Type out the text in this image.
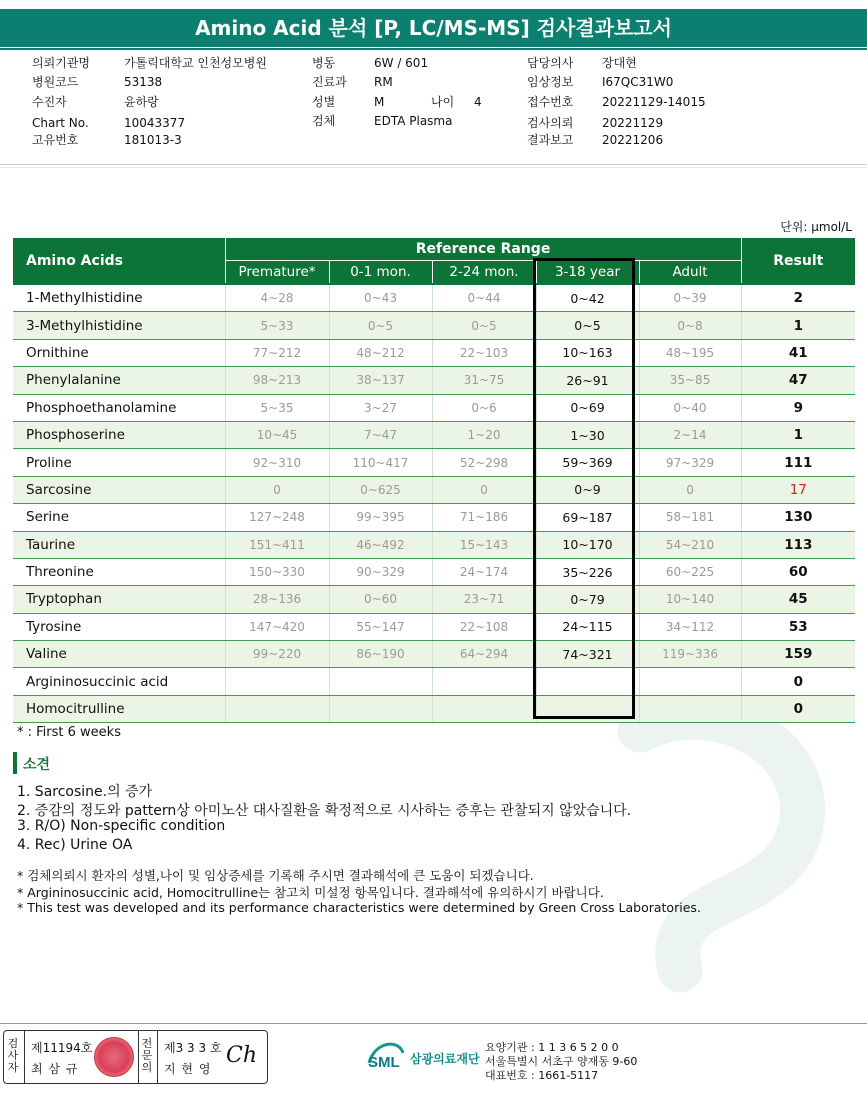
Amino Acid 분석 [P, LC/MS-MS] 검사결과보고서
의뢰기관명	가톨릭대학교 인천성모병원
병원코드	53138
수진자	윤하랑
Chart No.	10043377
고유번호	181013-3
병동	6W / 601
진료과 RM
성별	M	나이 4
검체	EDTA Plasma
담당의사 장대현
임상정보 I67QC31W0
접수번호 20221129-14015
검사의뢰 20221129
결과보고 20221206
단위: μmol/L
Amino Acids	Reference Range					Result
	Premature*	0-1 mon.	2-24 mon.	3-18 year	Adult	
1-Methylhistidine	4~28	0~43	0~44	0~42	0~39	2
3-Methylhistidine	5~33	0~5	0~5	0~5	0~8	1
Ornithine	77~212	48~212	22~103	10~163	48~195	41
Phenylalanine	98~213	38~137	31~75	26~91	35~85	47
Phosphoethanolamine	5~35	3~27	0~6	0~69	0~40	9
Phosphoserine	10~45	7~47	1~20	1~30	2~14	1
Proline	92~310	110~417	52~298	59~369	97~329	111
Sarcosine	0	0~625	0	0~9	0	17
Serine	127~248	99~395	71~186	69~187	58~181	130
Taurine	151~411	46~492	15~143	10~170	54~210	113
Threonine	150~330	90~329	24~174	35~226	60~225	60
Tryptophan	28~136	0~60	23~71	0~79	10~140	45
Tyrosine	147~420	55~147	22~108	24~115	34~112	53
Valine	99~220	86~190	64~294	74~321	119~336	159
Argininosuccinic acid						0
Homocitrulline						0
* : First 6 weeks
소견
1. Sarcosine.의 증가
2. 증감의 정도와 pattern상 아미노산 대사질환을 확정적으로 시사하는 증후는 관찰되지 않았습니다.
3. R/O) Non-specific condition
4. Rec) Urine OA
* 검체의뢰시 환자의 성별,나이 및 임상증세를 기록해 주시면 결과해석에 큰 도움이 되겠습니다.
* Argininosuccinic acid, Homocitrulline는 참고치 미설정 항목입니다. 결과해석에 유의하시기 바랍니다.
* This test was developed and its performance characteristics were determined by Green Cross Laboratories.
검사자
제11194호
최 삼 규
전문의
제3 3 3 호
지 현 영
Ch	SML 삼광의료재단
요양기관 : 1 1 3 6 5 2 0 0
서울특별시 서초구 양재동 9-60
대표번호 : 1661-5117
